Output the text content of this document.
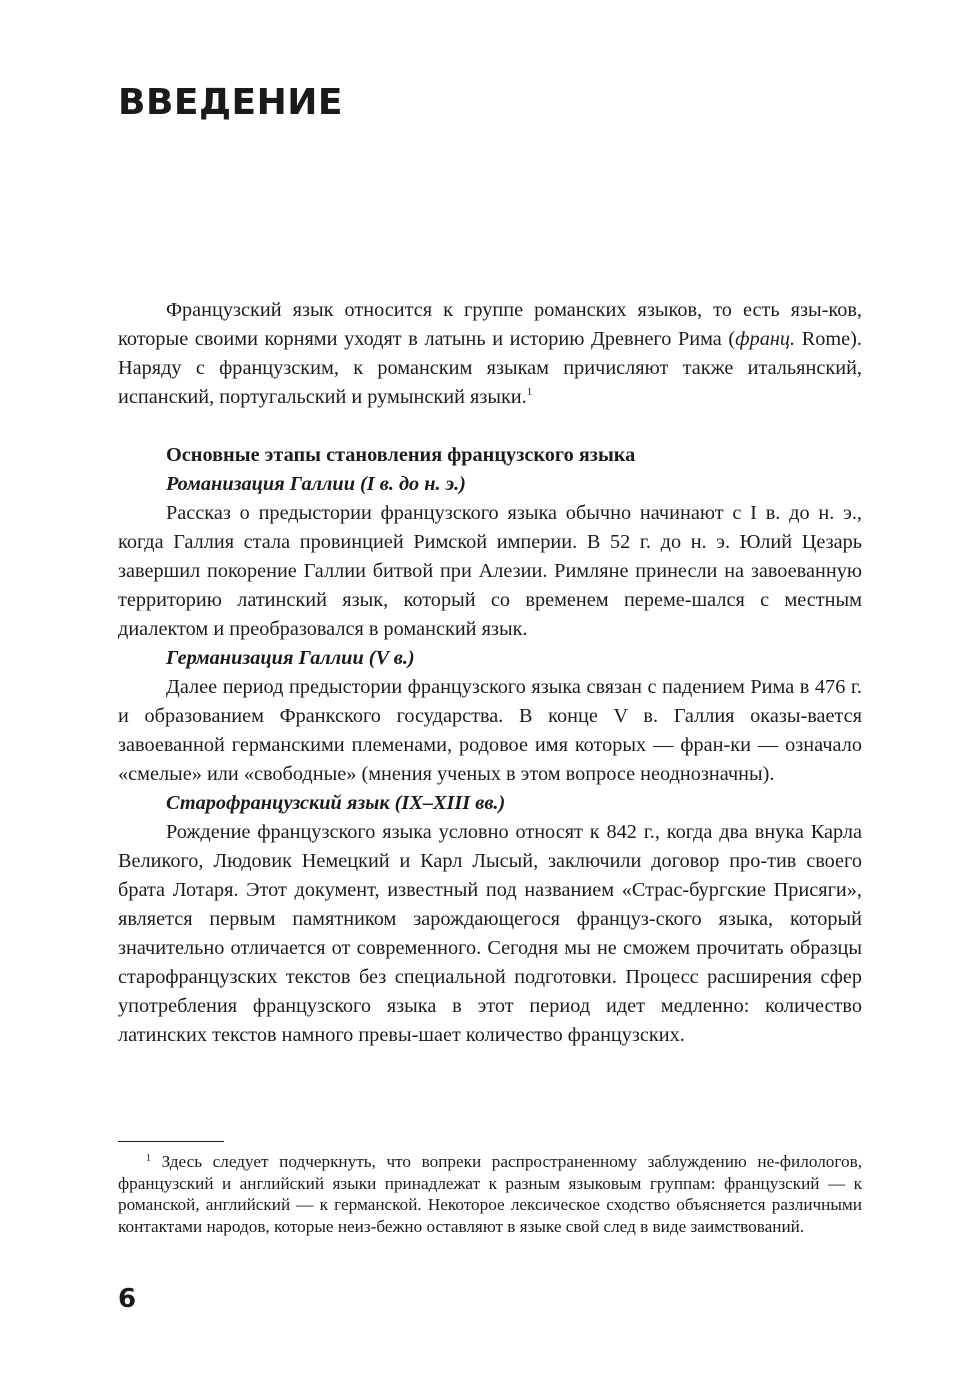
ВВЕДЕНИЕ

Французский язык относится к группе романских языков, то есть язы-ков, которые своими корнями уходят в латынь и историю Древнего Рима (франц. Rome). Наряду с французским, к романским языкам причисляют также итальянский, испанский, португальский и румынский языки.$^1$

Основные этапы становления французского языка

Романизация Галлии (I в. до н. э.)

Рассказ о предыстории французского языка обычно начинают с I в. до н. э., когда Галлия стала провинцией Римской империи. В 52 г. до н. э. Юлий Цезарь завершил покорение Галлии битвой при Алезии. Римляне принесли на завоеванную территорию латинский язык, который со временем переме-шался с местным диалектом и преобразовался в романский язык.

Германизация Галлии (V в.)

Далее период предыстории французского языка связан с падением Рима в 476 г. и образованием Франкского государства. В конце V в. Галлия оказы-вается завоеванной германскими племенами, родовое имя которых — фран-ки — означало «смелые» или «свободные» (мнения ученых в этом вопросе неоднозначны).

Старофранцузский язык (IX–XIII вв.)

Рождение французского языка условно относят к 842 г., когда два внука Карла Великого, Людовик Немецкий и Карл Лысый, заключили договор про-тив своего брата Лотаря. Этот документ, известный под названием «Страс-бургские Присяги», является первым памятником зарождающегося француз-ского языка, который значительно отличается от современного. Сегодня мы не сможем прочитать образцы старофранцузских текстов без специальной подготовки. Процесс расширения сфер употребления французского языка в этот период идет медленно: количество латинских текстов намного превы-шает количество французских.

$^1$ Здесь следует подчеркнуть, что вопреки распространенному заблуждению не-филологов, французский и английский языки принадлежат к разным языковым группам: французский — к романской, английский — к германской. Некоторое лексическое сходство объясняется различными контактами народов, которые неиз-бежно оставляют в языке свой след в виде заимствований.

6
